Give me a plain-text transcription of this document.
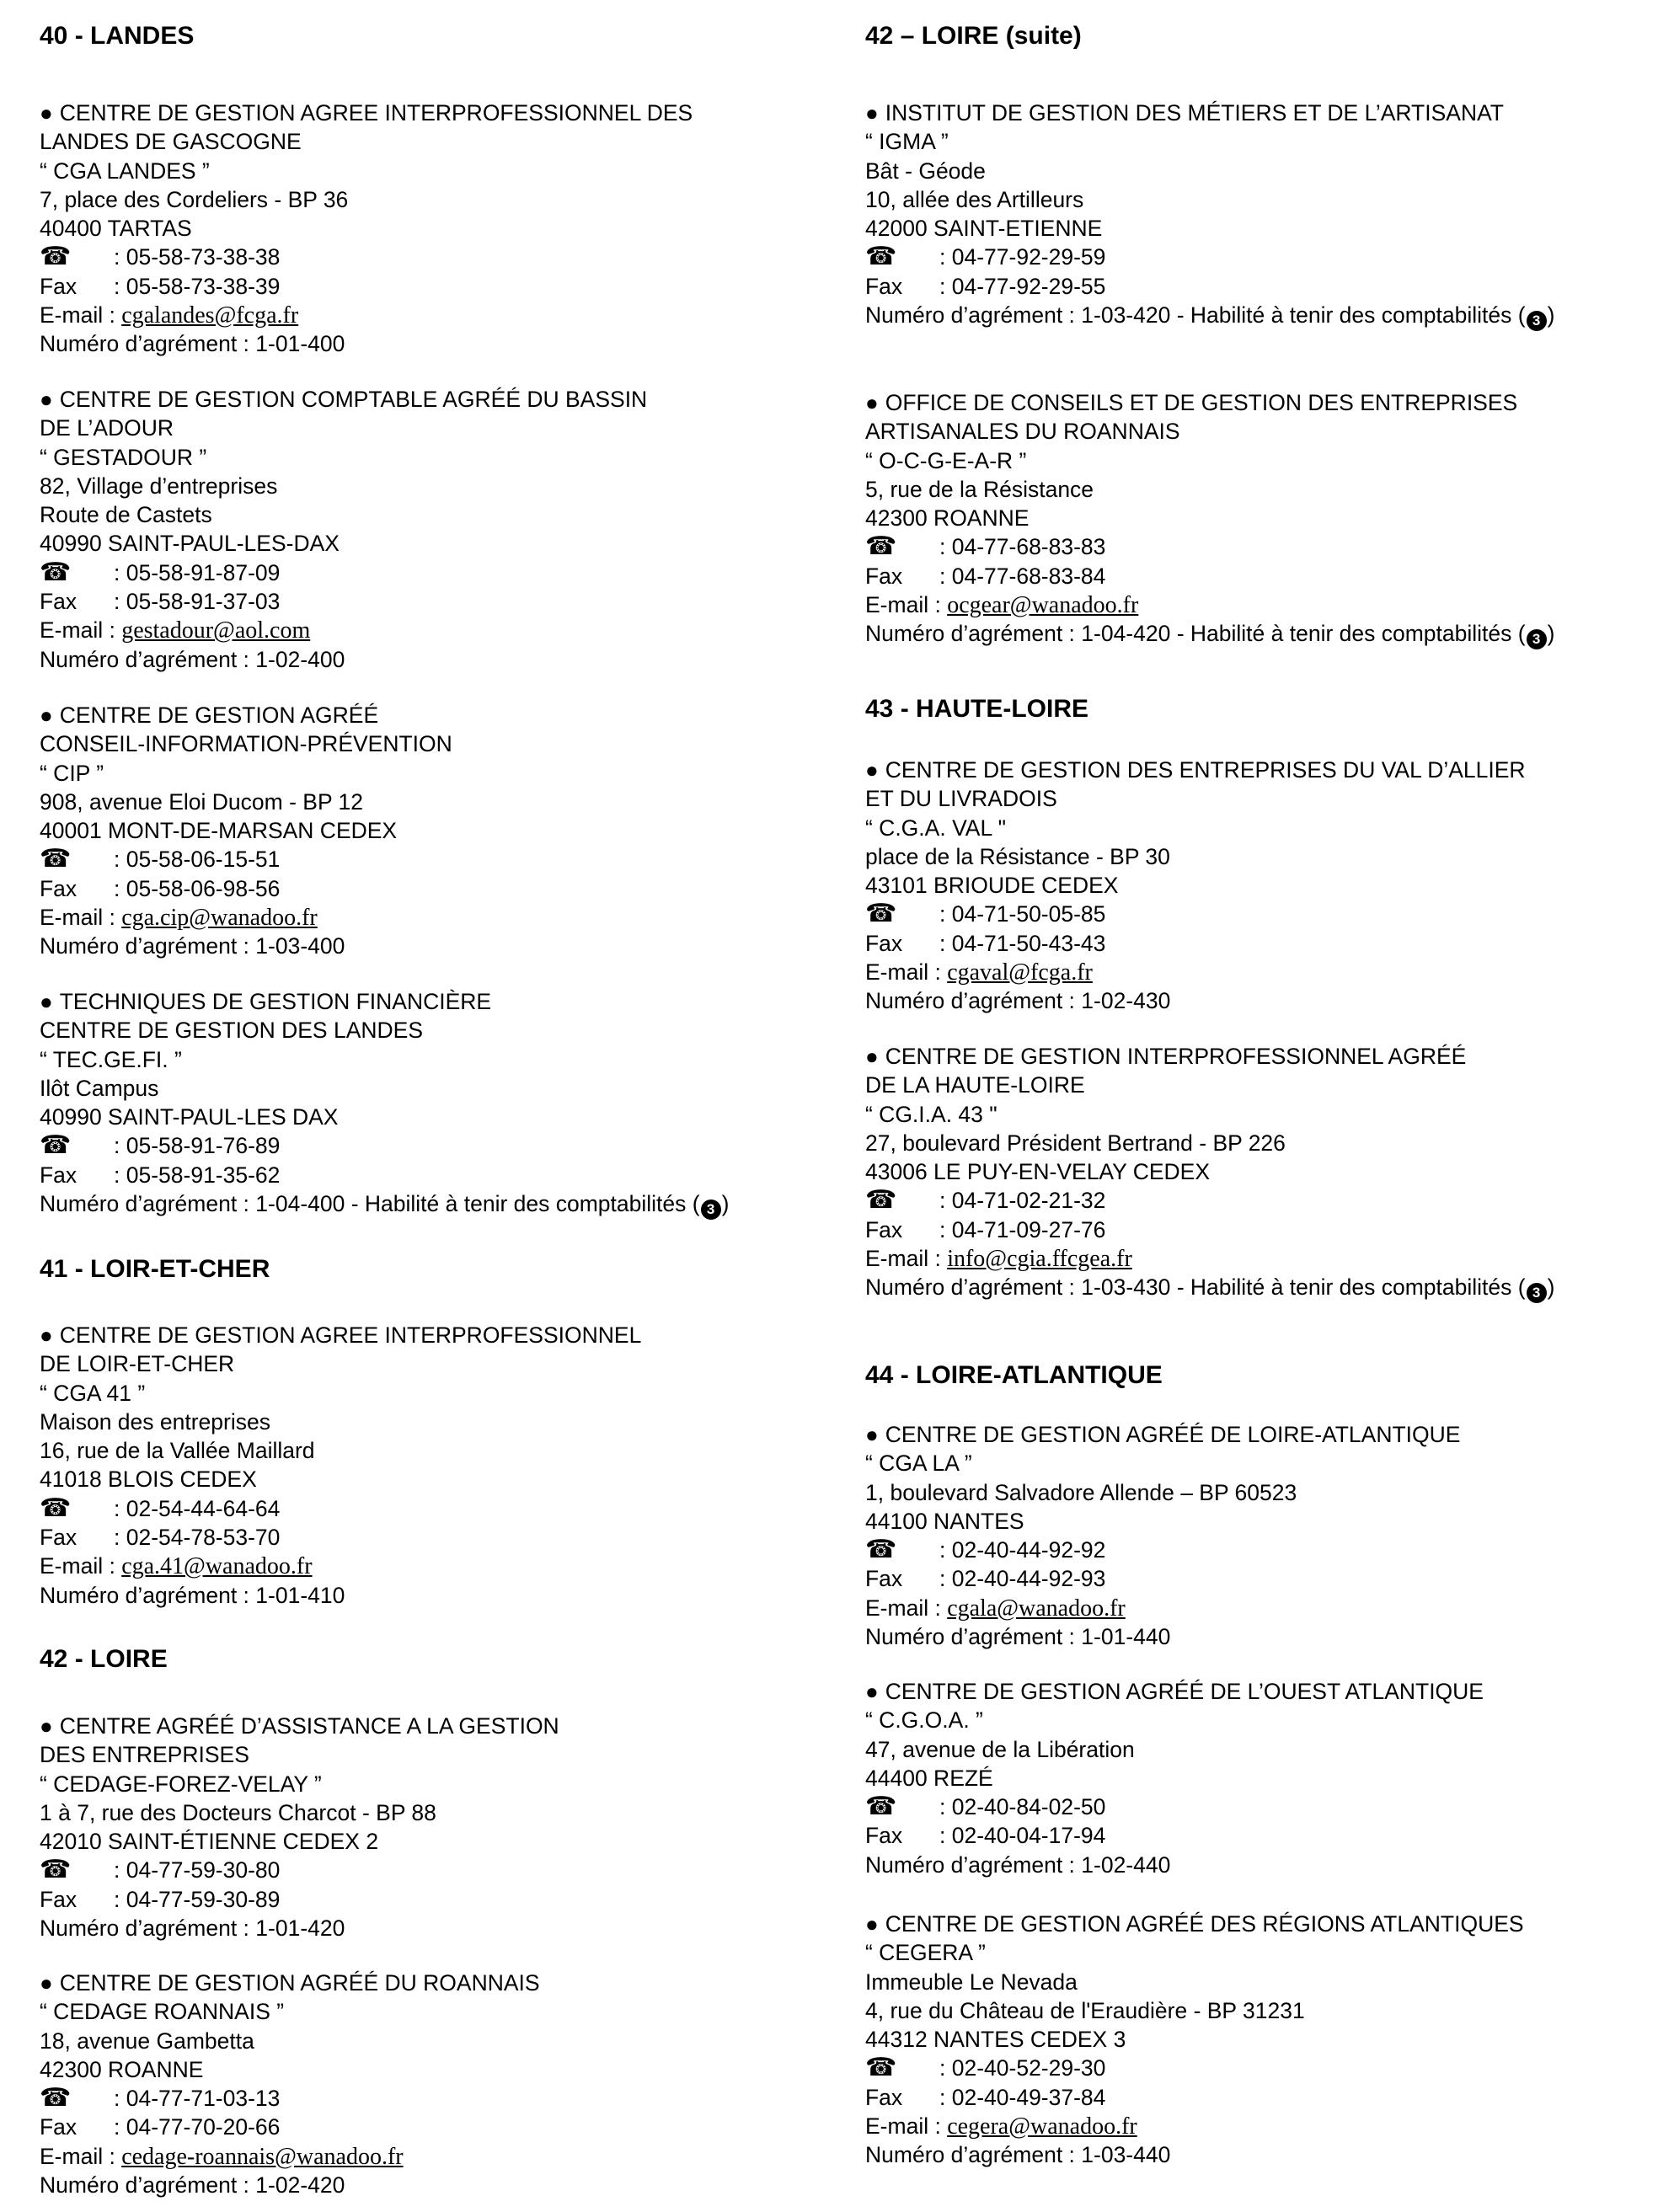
40 - LANDES
● CENTRE DE GESTION AGREE INTERPROFESSIONNEL DES
LANDES DE GASCOGNE
“ CGA LANDES ”
7, place des Cordeliers - BP 36
40400 TARTAS
☎ : 05-58-73-38-38
Fax : 05-58-73-38-39
E-mail : cgalandes@fcga.fr
Numéro d’agrément : 1-01-400
● CENTRE DE GESTION COMPTABLE AGRÉÉ DU BASSIN
DE L’ADOUR
“ GESTADOUR ”
82, Village d’entreprises
Route de Castets
40990 SAINT-PAUL-LES-DAX
☎ : 05-58-91-87-09
Fax : 05-58-91-37-03
E-mail : gestadour@aol.com
Numéro d’agrément : 1-02-400
● CENTRE DE GESTION AGRÉÉ
CONSEIL-INFORMATION-PRÉVENTION
“ CIP ”
908, avenue Eloi Ducom - BP 12
40001 MONT-DE-MARSAN CEDEX
☎ : 05-58-06-15-51
Fax : 05-58-06-98-56
E-mail : cga.cip@wanadoo.fr
Numéro d’agrément : 1-03-400
● TECHNIQUES DE GESTION FINANCIÈRE
CENTRE DE GESTION DES LANDES
“ TEC.GE.FI. ”
Ilôt Campus
40990 SAINT-PAUL-LES DAX
☎ : 05-58-91-76-89
Fax : 05-58-91-35-62
Numéro d’agrément : 1-04-400 - Habilité à tenir des comptabilités ( 3 )
41 - LOIR-ET-CHER
● CENTRE DE GESTION AGREE INTERPROFESSIONNEL
DE LOIR-ET-CHER
“ CGA 41 ”
Maison des entreprises
16, rue de la Vallée Maillard
41018 BLOIS CEDEX
☎ : 02-54-44-64-64
Fax : 02-54-78-53-70
E-mail : cga.41@wanadoo.fr
Numéro d’agrément : 1-01-410
42 - LOIRE
● CENTRE AGRÉÉ D’ASSISTANCE A LA GESTION
DES ENTREPRISES
“ CEDAGE-FOREZ-VELAY ”
1 à 7, rue des Docteurs Charcot - BP 88
42010 SAINT-ÉTIENNE CEDEX 2
☎ : 04-77-59-30-80
Fax : 04-77-59-30-89
Numéro d’agrément : 1-01-420
● CENTRE DE GESTION AGRÉÉ DU ROANNAIS
“ CEDAGE ROANNAIS ”
18, avenue Gambetta
42300 ROANNE
☎ : 04-77-71-03-13
Fax : 04-77-70-20-66
E-mail : cedage-roannais@wanadoo.fr
Numéro d’agrément : 1-02-420
42 – LOIRE (suite)
● INSTITUT DE GESTION DES MÉTIERS ET DE L’ARTISANAT
“ IGMA ”
Bât - Géode
10, allée des Artilleurs
42000 SAINT-ETIENNE
☎ : 04-77-92-29-59
Fax : 04-77-92-29-55
Numéro d’agrément : 1-03-420 - Habilité à tenir des comptabilités ( 3 )
● OFFICE DE CONSEILS ET DE GESTION DES ENTREPRISES
ARTISANALES DU ROANNAIS
“ O-C-G-E-A-R ”
5, rue de la Résistance
42300 ROANNE
☎ : 04-77-68-83-83
Fax : 04-77-68-83-84
E-mail : ocgear@wanadoo.fr
Numéro d’agrément : 1-04-420 - Habilité à tenir des comptabilités ( 3 )
43 - HAUTE-LOIRE
● CENTRE DE GESTION DES ENTREPRISES DU VAL D’ALLIER
ET DU LIVRADOIS
“ C.G.A. VAL "
place de la Résistance - BP 30
43101 BRIOUDE CEDEX
☎ : 04-71-50-05-85
Fax : 04-71-50-43-43
E-mail : cgaval@fcga.fr
Numéro d’agrément : 1-02-430
● CENTRE DE GESTION INTERPROFESSIONNEL AGRÉÉ
DE LA HAUTE-LOIRE
“ CG.I.A. 43 "
27, boulevard Président Bertrand - BP 226
43006 LE PUY-EN-VELAY CEDEX
☎ : 04-71-02-21-32
Fax : 04-71-09-27-76
E-mail : info@cgia.ffcgea.fr
Numéro d’agrément : 1-03-430 - Habilité à tenir des comptabilités ( 3 )
44 - LOIRE-ATLANTIQUE
● CENTRE DE GESTION AGRÉÉ DE LOIRE-ATLANTIQUE
“ CGA LA ”
1, boulevard Salvadore Allende – BP 60523
44100 NANTES
☎ : 02-40-44-92-92
Fax : 02-40-44-92-93
E-mail : cgala@wanadoo.fr
Numéro d’agrément : 1-01-440
● CENTRE DE GESTION AGRÉÉ DE L’OUEST ATLANTIQUE
“ C.G.O.A. ”
47, avenue de la Libération
44400 REZÉ
☎ : 02-40-84-02-50
Fax : 02-40-04-17-94
Numéro d’agrément : 1-02-440
● CENTRE DE GESTION AGRÉÉ DES RÉGIONS ATLANTIQUES
“ CEGERA ”
Immeuble Le Nevada
4, rue du Château de l'Eraudière - BP 31231
44312 NANTES CEDEX 3
☎ : 02-40-52-29-30
Fax : 02-40-49-37-84
E-mail : cegera@wanadoo.fr
Numéro d’agrément : 1-03-440
